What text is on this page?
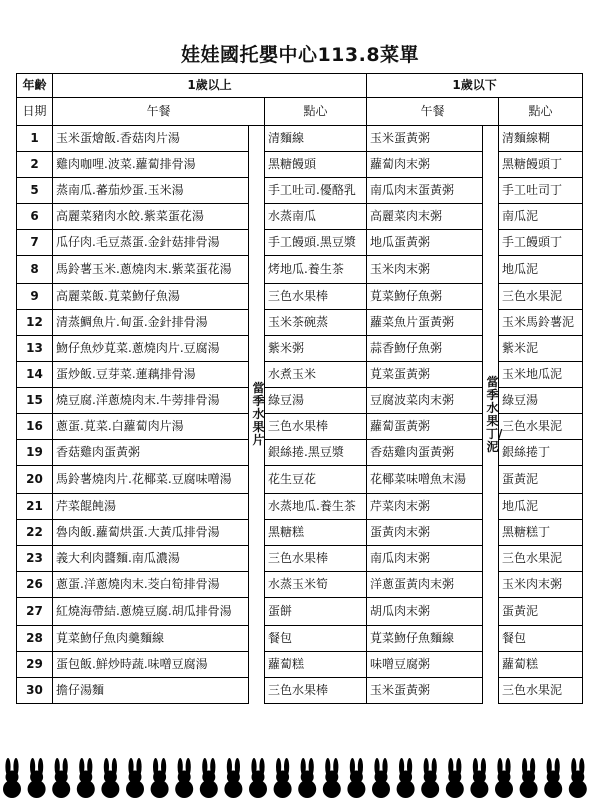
娃娃國托嬰中心113.8菜單
年齡	1歲以上			1歲以下		
日期	午餐		點心	午餐		點心
1	玉米蛋燴飯.香菇肉片湯	當季水果片	清麵線	玉米蛋黃粥	當季水果丁/泥	清麵線糊
2	雞肉咖哩.波菜.蘿蔔排骨湯		黑糖饅頭	蘿蔔肉末粥		黑糖饅頭丁
5	蒸南瓜.蕃茄炒蛋.玉米湯		手工吐司.優酪乳	南瓜肉末蛋黃粥		手工吐司丁
6	高麗菜豬肉水餃.紫菜蛋花湯		水蒸南瓜	高麗菜肉末粥		南瓜泥
7	瓜仔肉.毛豆蒸蛋.金針菇排骨湯		手工饅頭.黑豆漿	地瓜蛋黃粥		手工饅頭丁
8	馬鈴薯玉米.蔥燒肉末.紫菜蛋花湯		烤地瓜.養生茶	玉米肉末粥		地瓜泥
9	高麗菜飯.莧菜魩仔魚湯		三色水果棒	莧菜魩仔魚粥		三色水果泥
12	清蒸鯛魚片.甸蛋.金針排骨湯		玉米茶碗蒸	蘿菜魚片蛋黃粥		玉米馬鈴薯泥
13	魩仔魚炒莧菜.蔥燒肉片.豆腐湯		紫米粥	蒜香魩仔魚粥		紫米泥
14	蛋炒飯.豆芽菜.蓮藕排骨湯		水煮玉米	莧菜蛋黃粥		玉米地瓜泥
15	燒豆腐.洋蔥燒肉末.牛蒡排骨湯		綠豆湯	豆腐波菜肉末粥		綠豆湯
16	蔥蛋.莧菜.白蘿蔔肉片湯		三色水果棒	蘿蔔蛋黃粥		三色水果泥
19	香菇雞肉蛋黃粥		銀絲捲.黑豆漿	香菇雞肉蛋黃粥		銀絲捲丁
20	馬鈴薯燒肉片.花椰菜.豆腐味噌湯		花生豆花	花椰菜味噌魚末湯		蛋黃泥
21	芹菜餛飩湯		水蒸地瓜.養生茶	芹菜肉末粥		地瓜泥
22	魯肉飯.蘿蔔烘蛋.大黃瓜排骨湯		黑糖糕	蛋黃肉末粥		黑糖糕丁
23	義大利肉醬麵.南瓜濃湯		三色水果棒	南瓜肉末粥		三色水果泥
26	蔥蛋.洋蔥燒肉末.茭白筍排骨湯		水蒸玉米筍	洋蔥蛋黃肉末粥		玉米肉末粥
27	紅燒海帶結.蔥燒豆腐.胡瓜排骨湯		蛋餅	胡瓜肉末粥		蛋黃泥
28	莧菜魩仔魚肉羹麵線		餐包	莧菜魩仔魚麵線		餐包
29	蛋包飯.鮮炒時蔬.味噌豆腐湯		蘿蔔糕	味噌豆腐粥		蘿蔔糕
30	擔仔湯麵		三色水果棒	玉米蛋黃粥		三色水果泥
